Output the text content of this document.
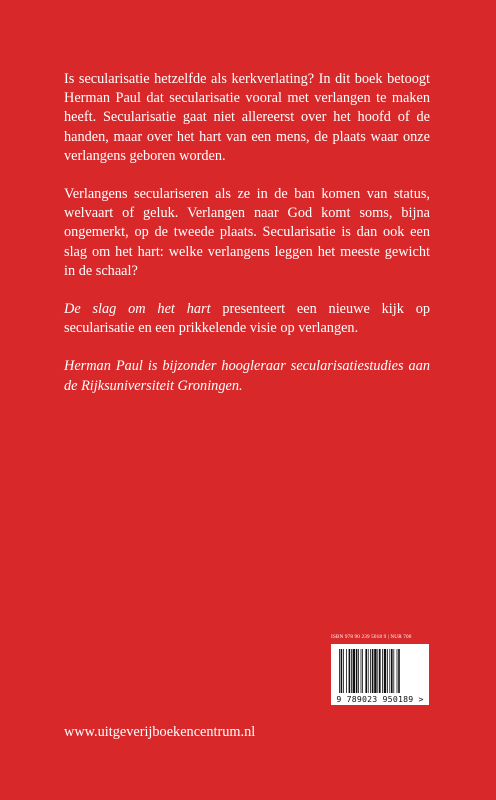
Is secularisatie hetzelfde als kerkverlating? In dit boek betoogt Herman Paul dat secularisatie vooral met verlangen te maken heeft. Secularisatie gaat niet allereerst over het hoofd of de handen, maar over het hart van een mens, de plaats waar onze verlangens geboren worden.

Verlangens seculariseren als ze in de ban komen van status, welvaart of geluk. Verlangen naar God komt soms, bijna ongemerkt, op de tweede plaats. Secularisatie is dan ook een slag om het hart: welke verlangens leggen het meeste gewicht in de schaal?

De slag om het hart presenteert een nieuwe kijk op secularisatie en een prikkelende visie op verlangen.

Herman Paul is bijzonder hoogleraar secularisatiestudies aan de Rijksuniversiteit Groningen.

ISBN 978 90 239 5018 9 | NUR 700
9 789023 950189 >
www.uitgeverijboekencentrum.nl
